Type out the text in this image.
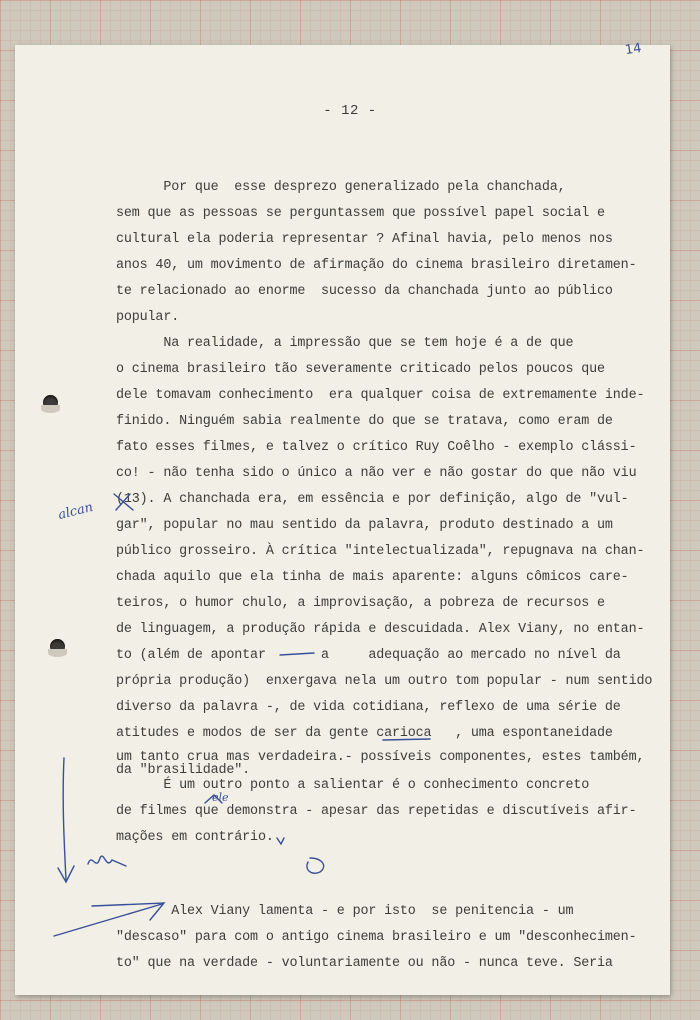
14
- 12 -

Por que  esse desprezo generalizado pela chanchada,

sem que as pessoas se perguntassem que possível papel social e

cultural ela poderia representar ? Afinal havia, pelo menos nos

anos 40, um movimento de afirmação do cinema brasileiro diretamen-

te relacionado ao enorme  sucesso da chanchada junto ao público

popular.

Na realidade, a impressão que se tem hoje é a de que

o cinema brasileiro tão severamente criticado pelos poucos que

dele tomavam conhecimento  era qualquer coisa de extremamente inde-

finido. Ninguém sabia realmente do que se tratava, como eram de

fato esses filmes, e talvez o crítico Ruy Coêlho - exemplo clássi-

co! - não tenha sido o único a não ver e não gostar do que não viu

(13). A chanchada era, em essência e por definição, algo de "vul-

gar", popular no mau sentido da palavra, produto destinado a um

público grosseiro. À crítica "intelectualizada", repugnava na chan-

chada aquilo que ela tinha de mais aparente: alguns cômicos care-

teiros, o humor chulo, a improvisação, a pobreza de recursos e

de linguagem, a produção rápida e descuidada. Alex Viany, no entan-

to (além de apontar       a     adequação ao mercado no nível da

própria produção)  enxergava nela um outro tom popular - num sentido

diverso da palavra -, de vida cotidiana, reflexo de uma série de

atitudes e modos de ser da gente carioca   , uma espontaneidade

um tanto crua mas verdadeira.- possíveis componentes, estes também,

da "brasilidade".

É um outro ponto a salientar é o conhecimento concreto

de filmes que demonstra - apesar das repetidas e discutíveis afir-

mações em contrário.

Alex Viany lamenta - e por isto  se penitencia - um

"descaso" para com o antigo cinema brasileiro e um "desconhecimen-

to" que na verdade - voluntariamente ou não - nunca teve. Seria

alcan
ele
